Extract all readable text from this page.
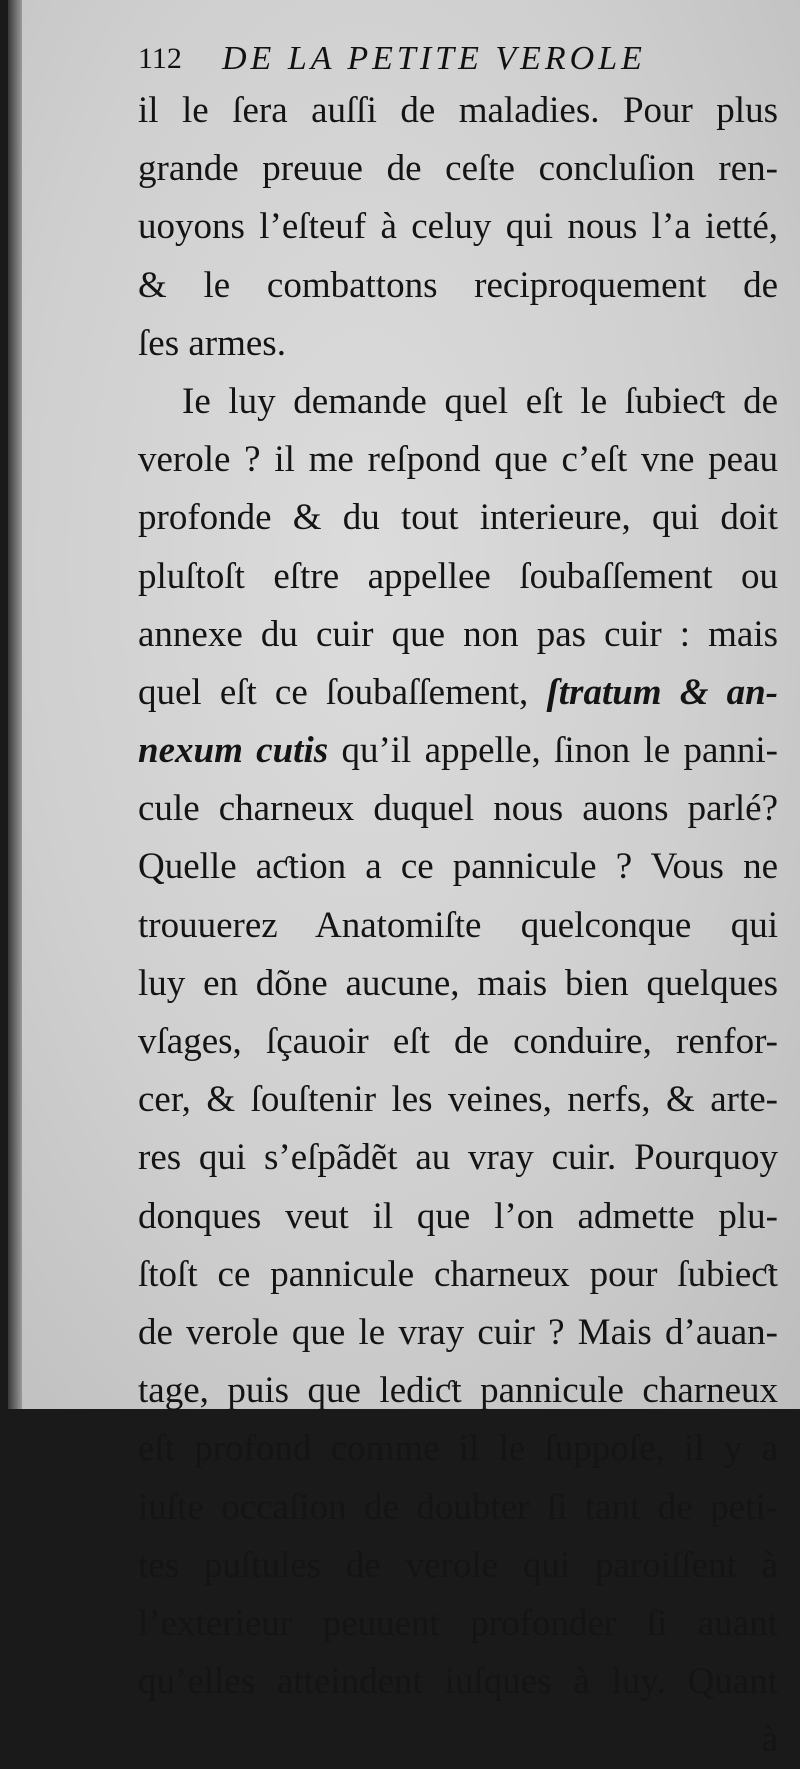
112 DE LA PETITE VEROLE
il le ſera auſſi de maladies. Pour plus
grande preuue de ceſte concluſion ren-
uoyons l’eſteuf à celuy qui nous l’a ietté,
& le combattons reciproquement de
ſes armes.
Ie luy demande quel eſt le ſubieƈt de
verole ? il me reſpond que c’eſt vne peau
profonde & du tout interieure, qui doit
pluſtoſt eſtre appellee ſoubaſſement ou
annexe du cuir que non pas cuir : mais
quel eſt ce ſoubaſſement, ſtratum & an-
nexum cutis qu’il appelle, ſinon le panni-
cule charneux duquel nous auons parlé?
Quelle aƈtion a ce pannicule ? Vous ne
trouuerez Anatomiſte quelconque qui
luy en dõne aucune, mais bien quelques
vſages, ſçauoir eſt de conduire, renfor-
cer, & ſouſtenir les veines, nerfs, & arte-
res qui s’eſpãdẽt au vray cuir. Pourquoy
donques veut il que l’on admette plu-
ſtoſt ce pannicule charneux pour ſubieƈt
de verole que le vray cuir ? Mais d’auan-
tage, puis que lediƈt pannicule charneux
eſt profond comme il le ſuppoſe, il y a
iuſte occaſion de doubter ſi tant de peti-
tes puſtules de verole qui paroiſſent à
l’exterieur peuuent profonder ſi auant
qu’elles atteindent iuſques à luy. Quant
à
